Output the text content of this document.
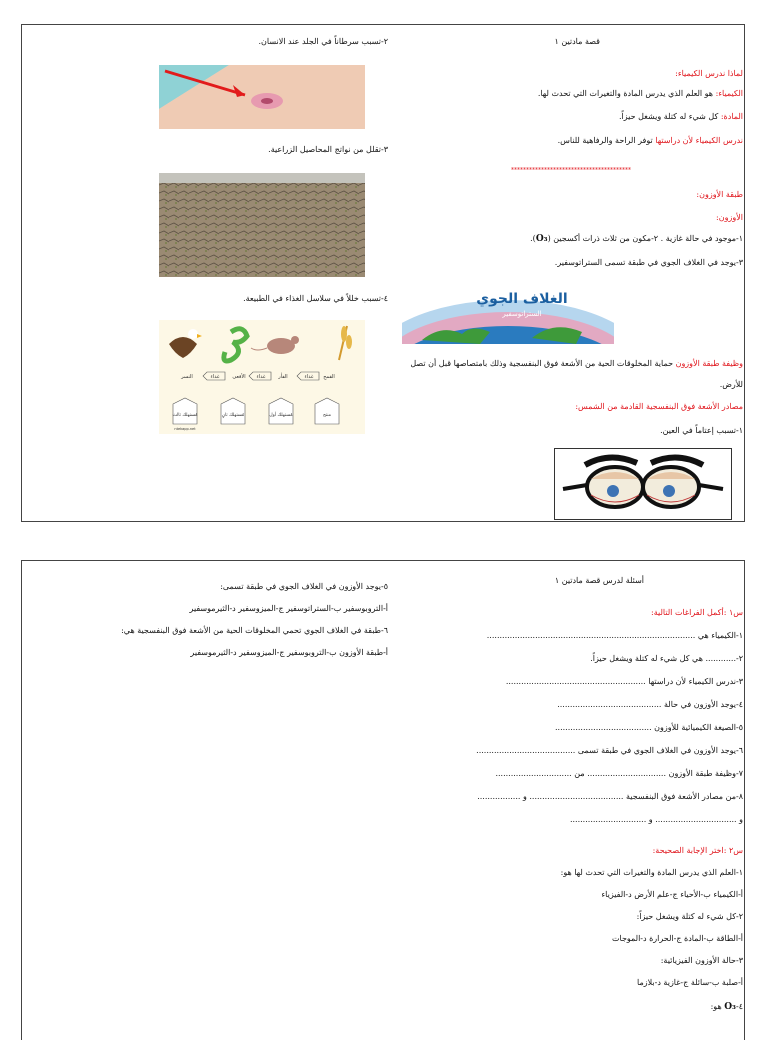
قصة مادتين ١
لماذا ندرس الكيمياء:
الكيمياء: هو العلم الذي يدرس المادة والتغيرات التي تحدث لها.
المادة: كل شيء له كتلة ويشغل حيزاً.
ندرس الكيمياء لأن دراستها توفر الراحة والرفاهية للناس.
****************************************
طبقة الأوزون:
الأوزون:
١-موجود في حالة غازية . ٢-مكون من ثلاث ذرات أكسجين (O₃).
٣-يوجد في الغلاف الجوي في طبقة تسمى الستراتوسفير.
الغلاف الجوي
الستراتوسفير
وظيفة طبقة الأوزون حماية المخلوقات الحية من الأشعة فوق البنفسجية وذلك بامتصاصها قبل أن تصل
للأرض.
مصادر الأشعة فوق البنفسجية القادمة من الشمس:
١-تسبب إعتاماً في العين.
٢-تسبب سرطاناً في الجلد عند الانسان.
٣-تقلل من نواتج المحاصيل الزراعية.
٤-تسبب خللاً في سلاسل الغذاء في الطبيعة.
القمح
غذاء
الفأر
غذاء
الأفعى
غذاء
النسر
منتج
مُستهلك أول
مُستهلك ثانٍ
مُستهلك ثالث
ntekapp.net
أسئلة لدرس قصة مادتين ١
س١ :أكمل الفراغات التالية:
١-الكيمياء هي ..................................................................................
٢-............ هي كل شيء له كتلة ويشغل حيزاً.
٣-ندرس الكيمياء لأن دراستها .......................................................
٤-يوجد الأوزون في حالة .........................................
٥-الصيغة الكيميائية للأوزون ......................................
٦-يوجد الأوزون في الغلاف الجوي في طبقة تسمى .......................................
٧-وظيفة طبقة الأوزون ............................... من ..............................
٨-من مصادر الأشعة فوق البنفسجية ..................................... و .................
و ................................ و ..............................
س٢ :اختر الإجابة الصحيحة:
١-العلم الذي يدرس المادة والتغيرات التي تحدث لها هو:
أ-الكيمياء ب-الأحياء ج-علم الأرض د-الفيزياء
٢-كل شيء له كتلة ويشغل حيزاً:
أ-الطاقة ب-المادة ج-الحرارة د-الموجات
٣-حالة الأوزون الفيزيائية:
أ-صلبة ب-سائلة ج-غازية د-بلازما
٤-O₃ هو:
٥-يوجد الأوزون في الغلاف الجوي في طبقة تسمى:
أ-التروبوسفير ب-الستراتوسفير ج-الميزوسفير د-الثيرموسفير
٦-طبقة في الغلاف الجوي تحمي المخلوقات الحية من الأشعة فوق البنفسجية هي:
أ-طبقة الأوزون ب-التروبوسفير ج-الميزوسفير د-الثيرموسفير
